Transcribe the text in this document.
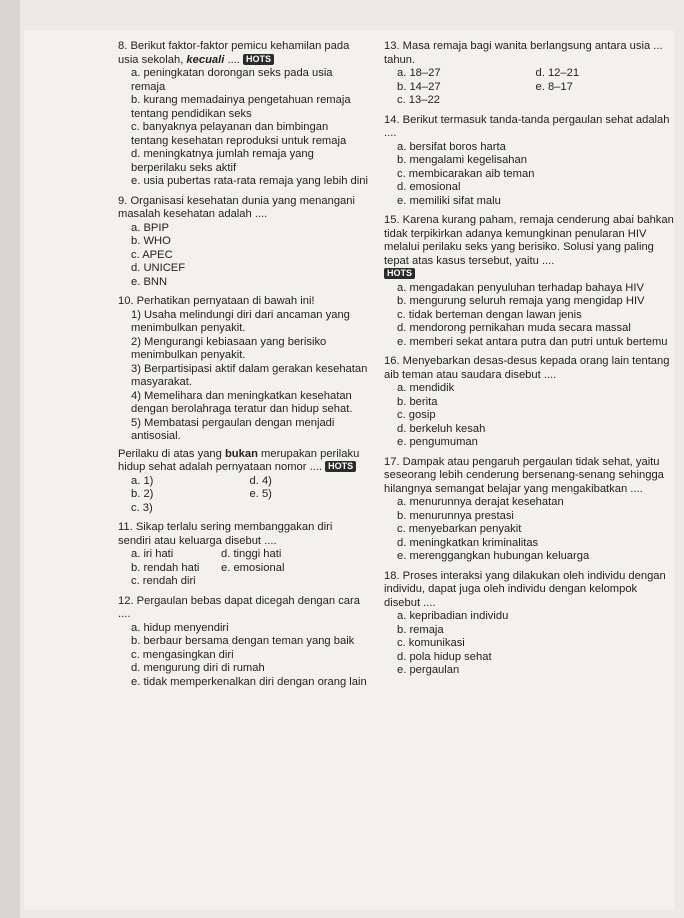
8. Berikut faktor-faktor pemicu kehamilan pada usia sekolah, kecuali .... HOTS
a. peningkatan dorongan seks pada usia remaja
b. kurang memadainya pengetahuan remaja tentang pendidikan seks
c. banyaknya pelayanan dan bimbingan tentang kesehatan reproduksi untuk remaja
d. meningkatnya jumlah remaja yang berperilaku seks aktif
e. usia pubertas rata-rata remaja yang lebih dini
9. Organisasi kesehatan dunia yang menangani masalah kesehatan adalah ....
a. BPIP
b. WHO
c. APEC
d. UNICEF
e. BNN
10. Perhatikan pernyataan di bawah ini!
1) Usaha melindungi diri dari ancaman yang menimbulkan penyakit.
2) Mengurangi kebiasaan yang berisiko menimbulkan penyakit.
3) Berpartisipasi aktif dalam gerakan kesehatan masyarakat.
4) Memelihara dan meningkatkan kesehatan dengan berolahraga teratur dan hidup sehat.
5) Membatasi pergaulan dengan menjadi antisosial.
Perilaku di atas yang bukan merupakan perilaku hidup sehat adalah pernyataan nomor .... HOTS
a. 1)	d. 4)
b. 2)	e. 5)
c. 3)
11. Sikap terlalu sering membanggakan diri sendiri atau keluarga disebut ....
a. iri hati	d. tinggi hati
b. rendah hati	e. emosional
c. rendah diri
12. Pergaulan bebas dapat dicegah dengan cara ....
a. hidup menyendiri
b. berbaur bersama dengan teman yang baik
c. mengasingkan diri
d. mengurung diri di rumah
e. tidak memperkenalkan diri dengan orang lain
13. Masa remaja bagi wanita berlangsung antara usia ... tahun.
a. 18–27	d. 12–21
b. 14–27	e. 8–17
c. 13–22
14. Berikut termasuk tanda-tanda pergaulan sehat adalah ....
a. bersifat boros harta
b. mengalami kegelisahan
c. membicarakan aib teman
d. emosional
e. memiliki sifat malu
15. Karena kurang paham, remaja cenderung abai bahkan tidak terpikirkan adanya kemungkinan penularan HIV melalui perilaku seks yang berisiko. Solusi yang paling tepat atas kasus tersebut, yaitu ....
HOTS
a. mengadakan penyuluhan terhadap bahaya HIV
b. mengurung seluruh remaja yang mengidap HIV
c. tidak berteman dengan lawan jenis
d. mendorong pernikahan muda secara massal
e. memberi sekat antara putra dan putri untuk bertemu
16. Menyebarkan desas-desus kepada orang lain tentang aib teman atau saudara disebut ....
a. mendidik
b. berita
c. gosip
d. berkeluh kesah
e. pengumuman
17. Dampak atau pengaruh pergaulan tidak sehat, yaitu seseorang lebih cenderung bersenang-senang sehingga hilangnya semangat belajar yang mengakibatkan ....
a. menurunnya derajat kesehatan
b. menurunnya prestasi
c. menyebarkan penyakit
d. meningkatkan kriminalitas
e. merenggangkan hubungan keluarga
18. Proses interaksi yang dilakukan oleh individu dengan individu, dapat juga oleh individu dengan kelompok disebut ....
a. kepribadian individu
b. remaja
c. komunikasi
d. pola hidup sehat
e. pergaulan
